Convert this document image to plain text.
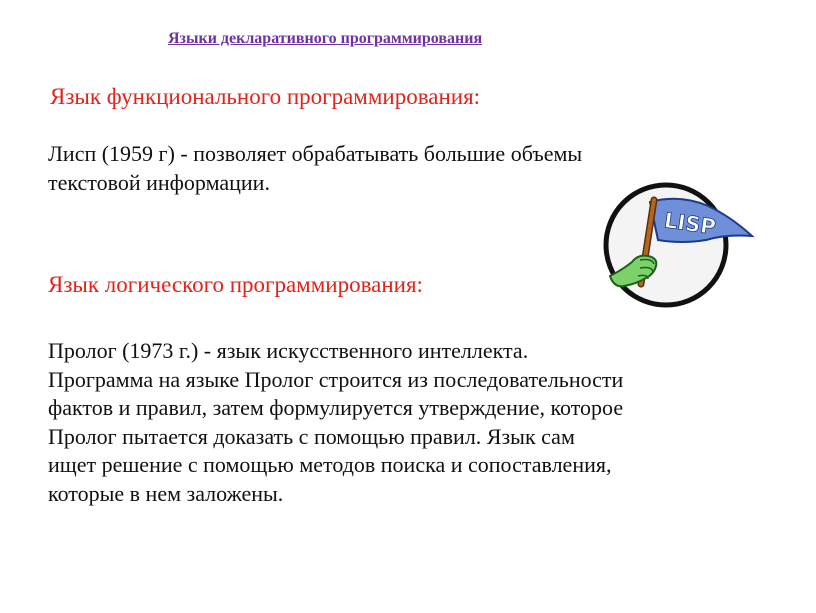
Языки декларативного программирования
Язык функционального программирования:

Лисп (1959 г) - позволяет обрабатывать большие объемы
текстовой информации.

LISP
Язык логического программирования:

Пролог (1973 г.) - язык искусственного интеллекта.
Программа на языке Пролог строится из последовательности
фактов и правил, затем формулируется утверждение, которое
Пролог пытается доказать с помощью правил. Язык сам
ищет решение с помощью методов поиска и сопоставления,
которые в нем заложены.
